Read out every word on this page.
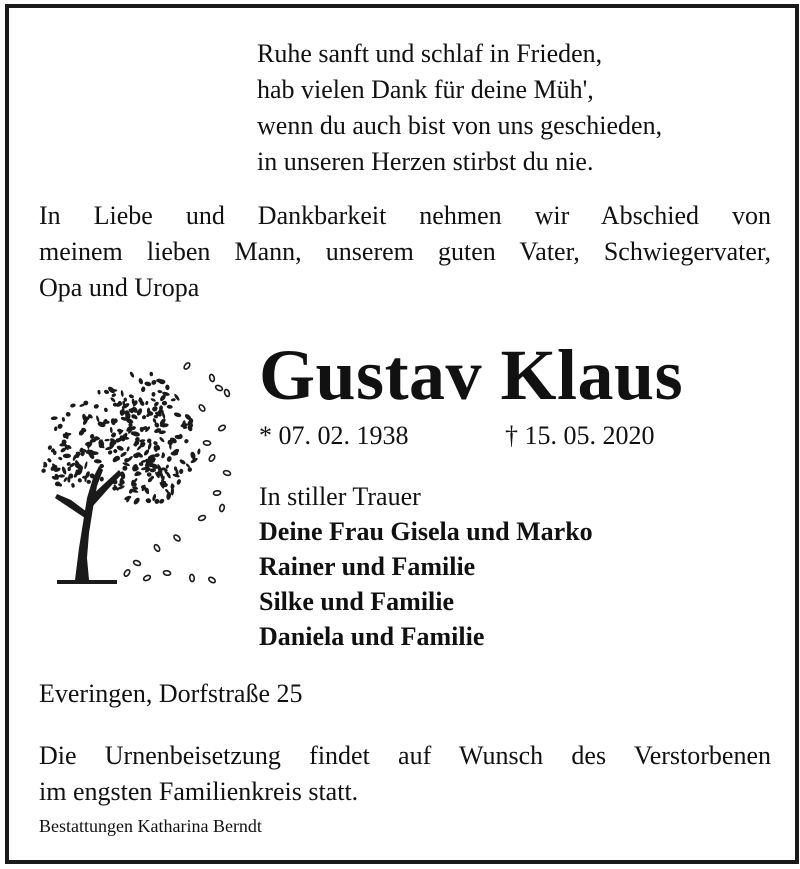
Ruhe sanft und schlaf in Frieden,
hab vielen Dank für deine Müh',
wenn du auch bist von uns geschieden,
in unseren Herzen stirbst du nie.
In Liebe und Dankbarkeit nehmen wir Abschied von
meinem lieben Mann, unserem guten Vater, Schwiegervater,
Opa und Uropa
Gustav Klaus
* 07. 02. 1938	† 15. 05. 2020
In stiller Trauer
Deine Frau Gisela und Marko
Rainer und Familie
Silke und Familie
Daniela und Familie
Everingen, Dorfstraße 25
Die Urnenbeisetzung findet auf Wunsch des Verstorbenen
im engsten Familienkreis statt.
Bestattungen Katharina Berndt
